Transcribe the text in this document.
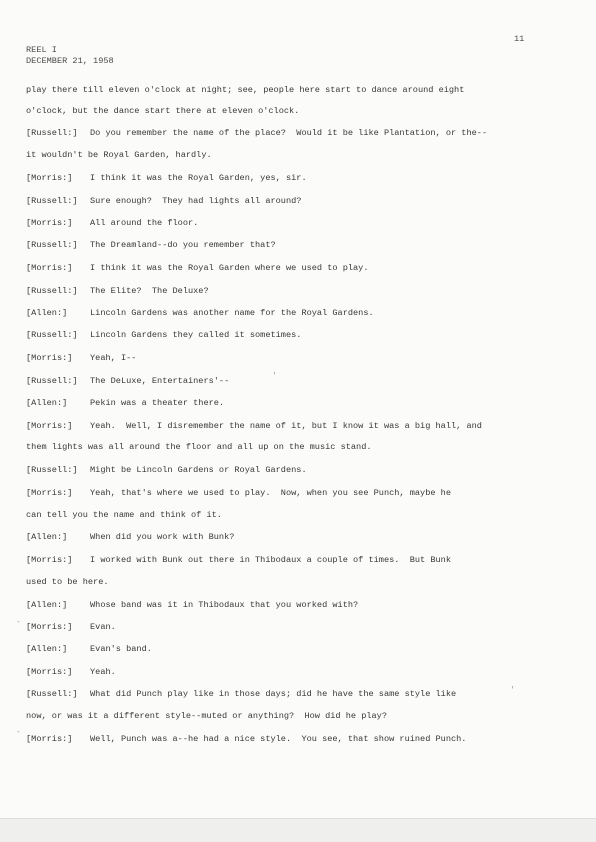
REEL I
DECEMBER 21, 1958
11
play there till eleven o'clock at night; see, people here start to dance around eight
o'clock, but the dance start there at eleven o'clock.
[Russell:] Do you remember the name of the place?  Would it be like Plantation, or the--
it wouldn't be Royal Garden, hardly.
[Morris:] I think it was the Royal Garden, yes, sir.
[Russell:] Sure enough?  They had lights all around?
[Morris:] All around the floor.
[Russell:] The Dreamland--do you remember that?
[Morris:] I think it was the Royal Garden where we used to play.
[Russell:] The Elite?  The Deluxe?
[Allen:]	Lincoln Gardens was another name for the Royal Gardens.
[Russell:] Lincoln Gardens they called it sometimes.
[Morris:] Yeah, I--
[Russell:] The DeLuxe, Entertainers'--
[Allen:]	Pekin was a theater there.
[Morris:] Yeah.  Well, I disremember the name of it, but I know it was a big hall, and
them lights was all around the floor and all up on the music stand.
[Russell:] Might be Lincoln Gardens or Royal Gardens.
[Morris:] Yeah, that's where we used to play.  Now, when you see Punch, maybe he
can tell you the name and think of it.
[Allen:]	When did you work with Bunk?
[Morris:] I worked with Bunk out there in Thibodaux a couple of times.  But Bunk
used to be here.
[Allen:]	Whose band was it in Thibodaux that you worked with?
[Morris:] Evan.
[Allen:]	Evan's band.
[Morris:] Yeah.
[Russell:] What did Punch play like in those days; did he have the same style like
now, or was it a different style--muted or anything?  How did he play?
[Morris:] Well, Punch was a--he had a nice style.  You see, that show ruined Punch.
'
'
-
-
